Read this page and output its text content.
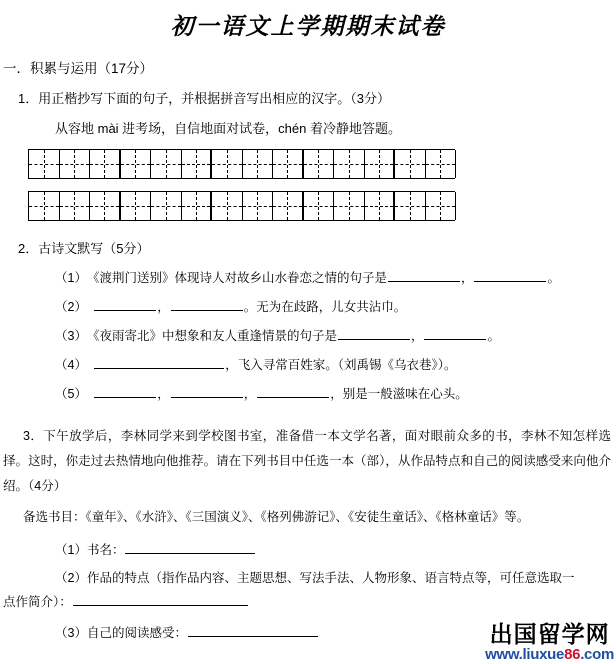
初一语文上学期期末试卷
一．积累与运用（17分）
1．用正楷抄写下面的句子，并根据拼音写出相应的汉字。（3分）
从容地 mài 进考场，自信地面对试卷，chén 着冷静地答题。
2．古诗文默写（5分）
（1）　《渡荆门送别》体现诗人对故乡山水眷恋之情的句子是	，	。
（2）　	，	。无为在歧路，儿女共沾巾。
（3）　《夜雨寄北》中想象和友人重逢情景的句子是	，	。
（4）　	，飞入寻常百姓家。（刘禹锡《乌衣巷》）。
（5）　	，	，	，别是一般滋味在心头。
3．下午放学后，李林同学来到学校图书室，准备借一本文学名著，面对眼前众多的书，李林不知怎样选择。这时，你走过去热情地向他推荐。请在下列书目中任选一本（部），从作品特点和自己的阅读感受来向他介绍。（4分）
备选书目：《童年》、《水浒》、《三国演义》、《格列佛游记》、《安徒生童话》、《格林童话》等。
（1）书名：
（2）作品的特点（指作品内容、主题思想、写法手法、人物形象、语言特点等，可任意选取一
点作简介）：
（3）自己的阅读感受：	出国留学网
www.liuxue86.com
